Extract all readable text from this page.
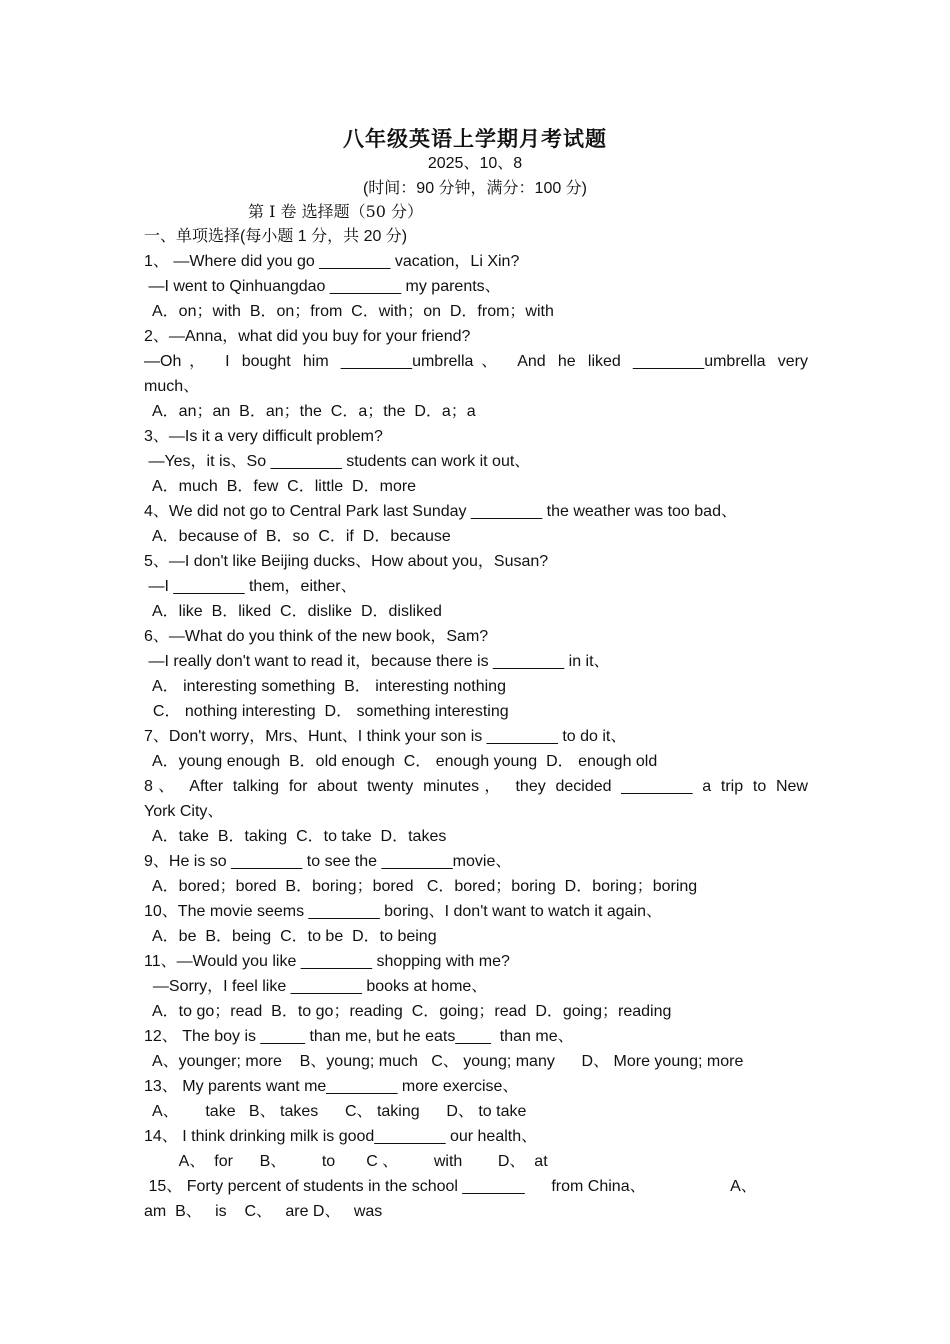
八年级英语上学期月考试题
2025、10、8
(时间：90 分钟，满分：100 分)
第 I 卷 选择题（50 分）
一、单项选择(每小题 1 分，共 20 分)
1、 —Where did you go ________ vacation，Li Xin?
—I went to Qinhuangdao ________ my parents、
A．on；with  B．on；from  C．with；on  D．from；with
2、—Anna，what did you buy for your friend?
—Oh， I bought him ________umbrella、 And he liked ________umbrella very
much、
A．an；an  B．an；the  C．a；the  D．a；a
3、—Is it a very difficult problem?
—Yes，it is、So ________ students can work it out、
A．much  B．few  C．little  D．more
4、We did not go to Central Park last Sunday ________ the weather was too bad、
A．because of  B．so  C．if  D．because
5、—I don't like Beijing ducks、How about you，Susan?
—I ________ them，either、
A．like  B．liked  C．dislike  D．disliked
6、—What do you think of the new book，Sam?
—I really don't want to read it，because there is ________ in it、
A． interesting something  B． interesting nothing
C． nothing interesting  D． something interesting
7、Don't worry，Mrs、Hunt、I think your son is ________ to do it、
A．young enough  B．old enough  C． enough young  D． enough old
8、 After talking for about twenty minutes， they decided ________ a trip to New
York City、
A．take  B．taking  C．to take  D．takes
9、He is so ________ to see the ________movie、
A．bored；bored  B．boring；bored   C．bored；boring  D．boring；boring
10、The movie seems ________ boring、I don't want to watch it again、
A．be  B．being  C．to be  D．to being
11、—Would you like ________ shopping with me?
—Sorry，I feel like ________ books at home、
A．to go；read  B．to go；reading  C．going；read  D．going；reading
12、 The boy is _____ than me, but he eats____  than me、
A、younger; more    B、young; much   C、 young; many      D、 More young; more
13、 My parents want me________ more exercise、
A、      take   B、 takes      C、 taking      D、 to take
14、 I think drinking milk is good________ our health、
A、  for      B、        to       C 、        with        D、  at
15、 Forty percent of students in the school _______      from China、                   A、
am  B、   is    C、   are D、   was
